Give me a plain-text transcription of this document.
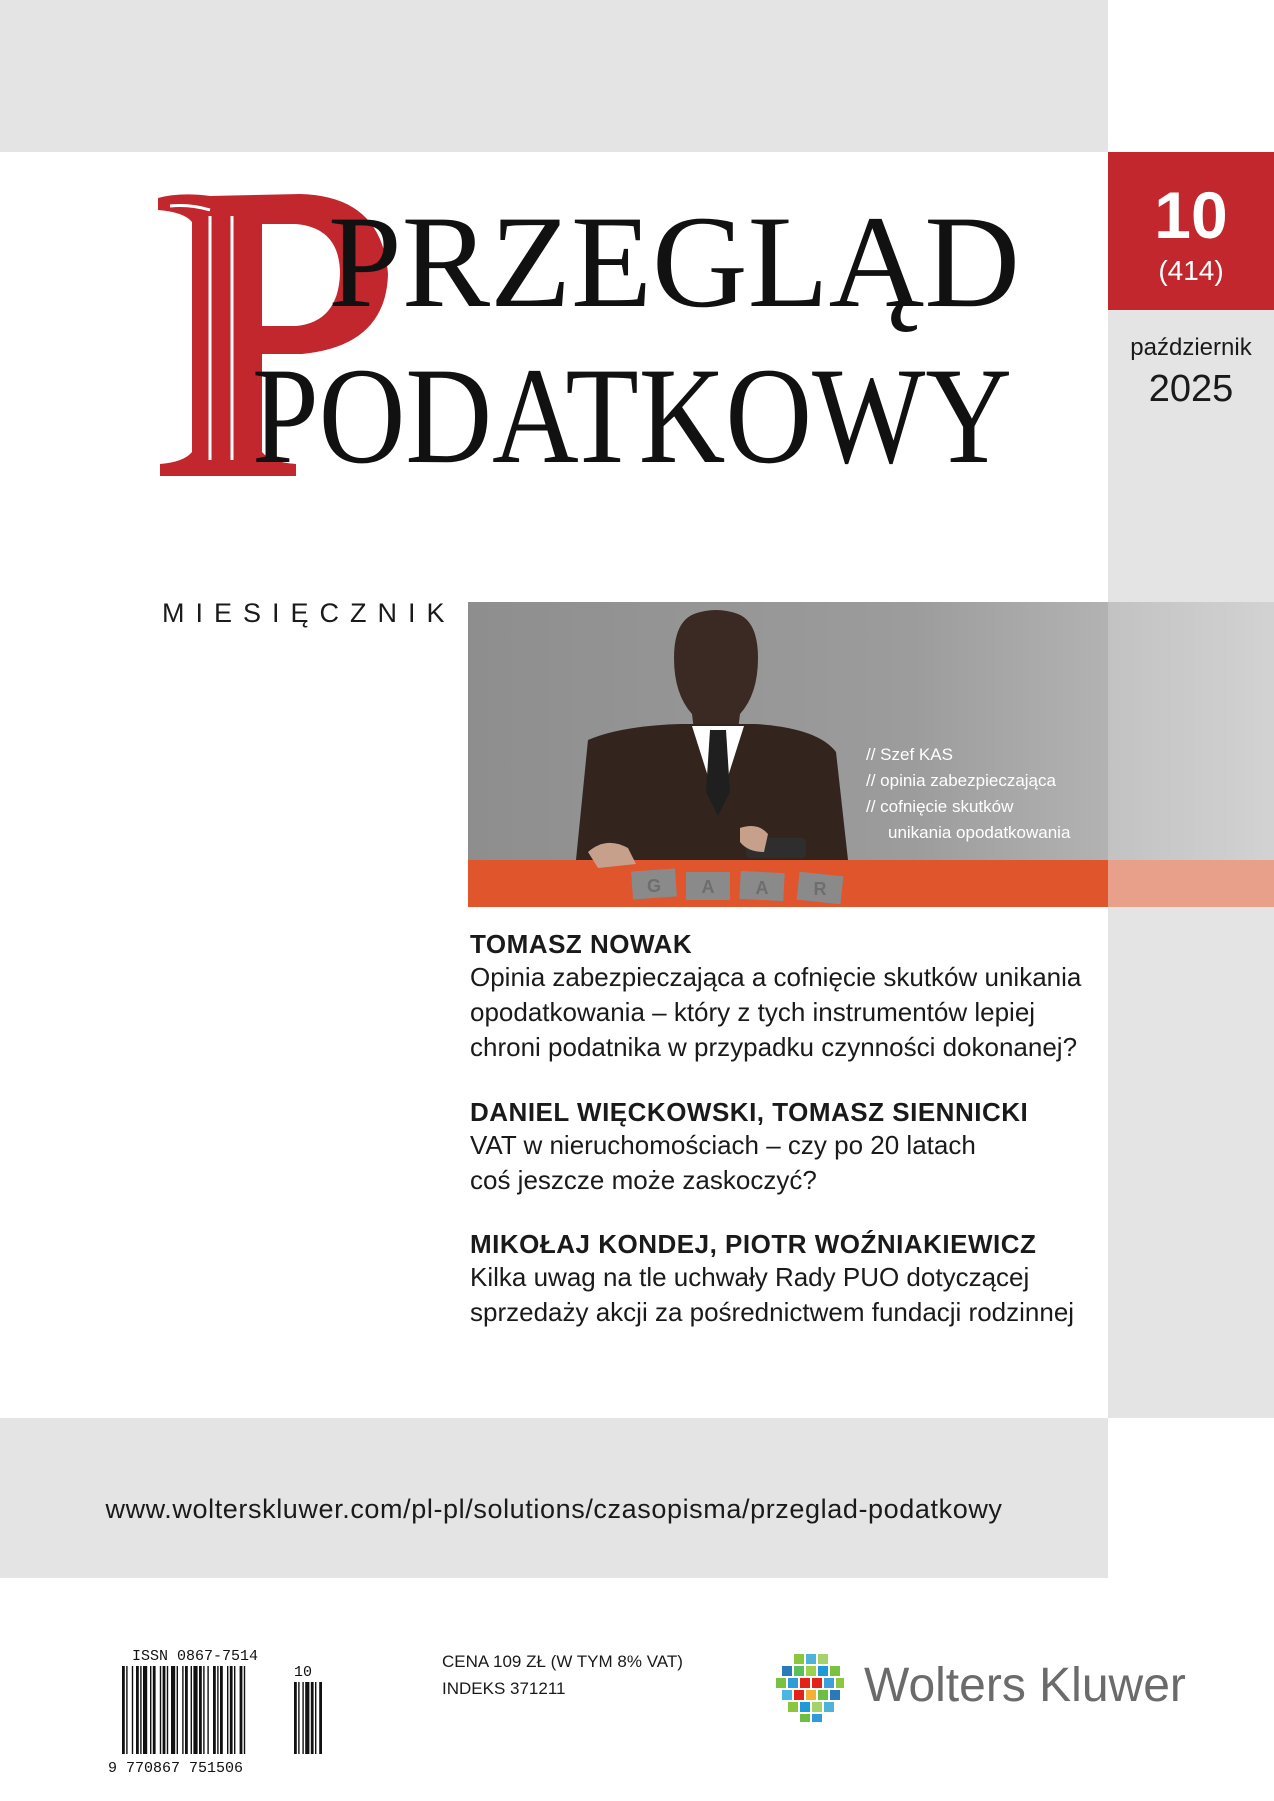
10
(414)
październik
2025
PRZEGLĄD
PODATKOWY
MIESIĘCZNIK
G A A	R
// Szef KAS
// opinia zabezpieczająca
// cofnięcie skutków
unikania opodatkowania

TOMASZ NOWAK

Opinia zabezpieczająca a cofnięcie skutków unikania

opodatkowania – który z tych instrumentów lepiej

chroni podatnika w przypadku czynności dokonanej?

DANIEL WIĘCKOWSKI, TOMASZ SIENNICKI

VAT w nieruchomościach – czy po 20 latach

coś jeszcze może zaskoczyć?

MIKOŁAJ KONDEJ, PIOTR WOŹNIAKIEWICZ

Kilka uwag na tle uchwały Rady PUO dotyczącej

sprzedaży akcji za pośrednictwem fundacji rodzinnej

www.wolterskluwer.com/pl-pl/solutions/czasopisma/przeglad-podatkowy
ISSN 0867-7514
10
9 770867 751506
CENA 109 ZŁ (W TYM 8% VAT)
INDEKS 371211	Wolters Kluwer
